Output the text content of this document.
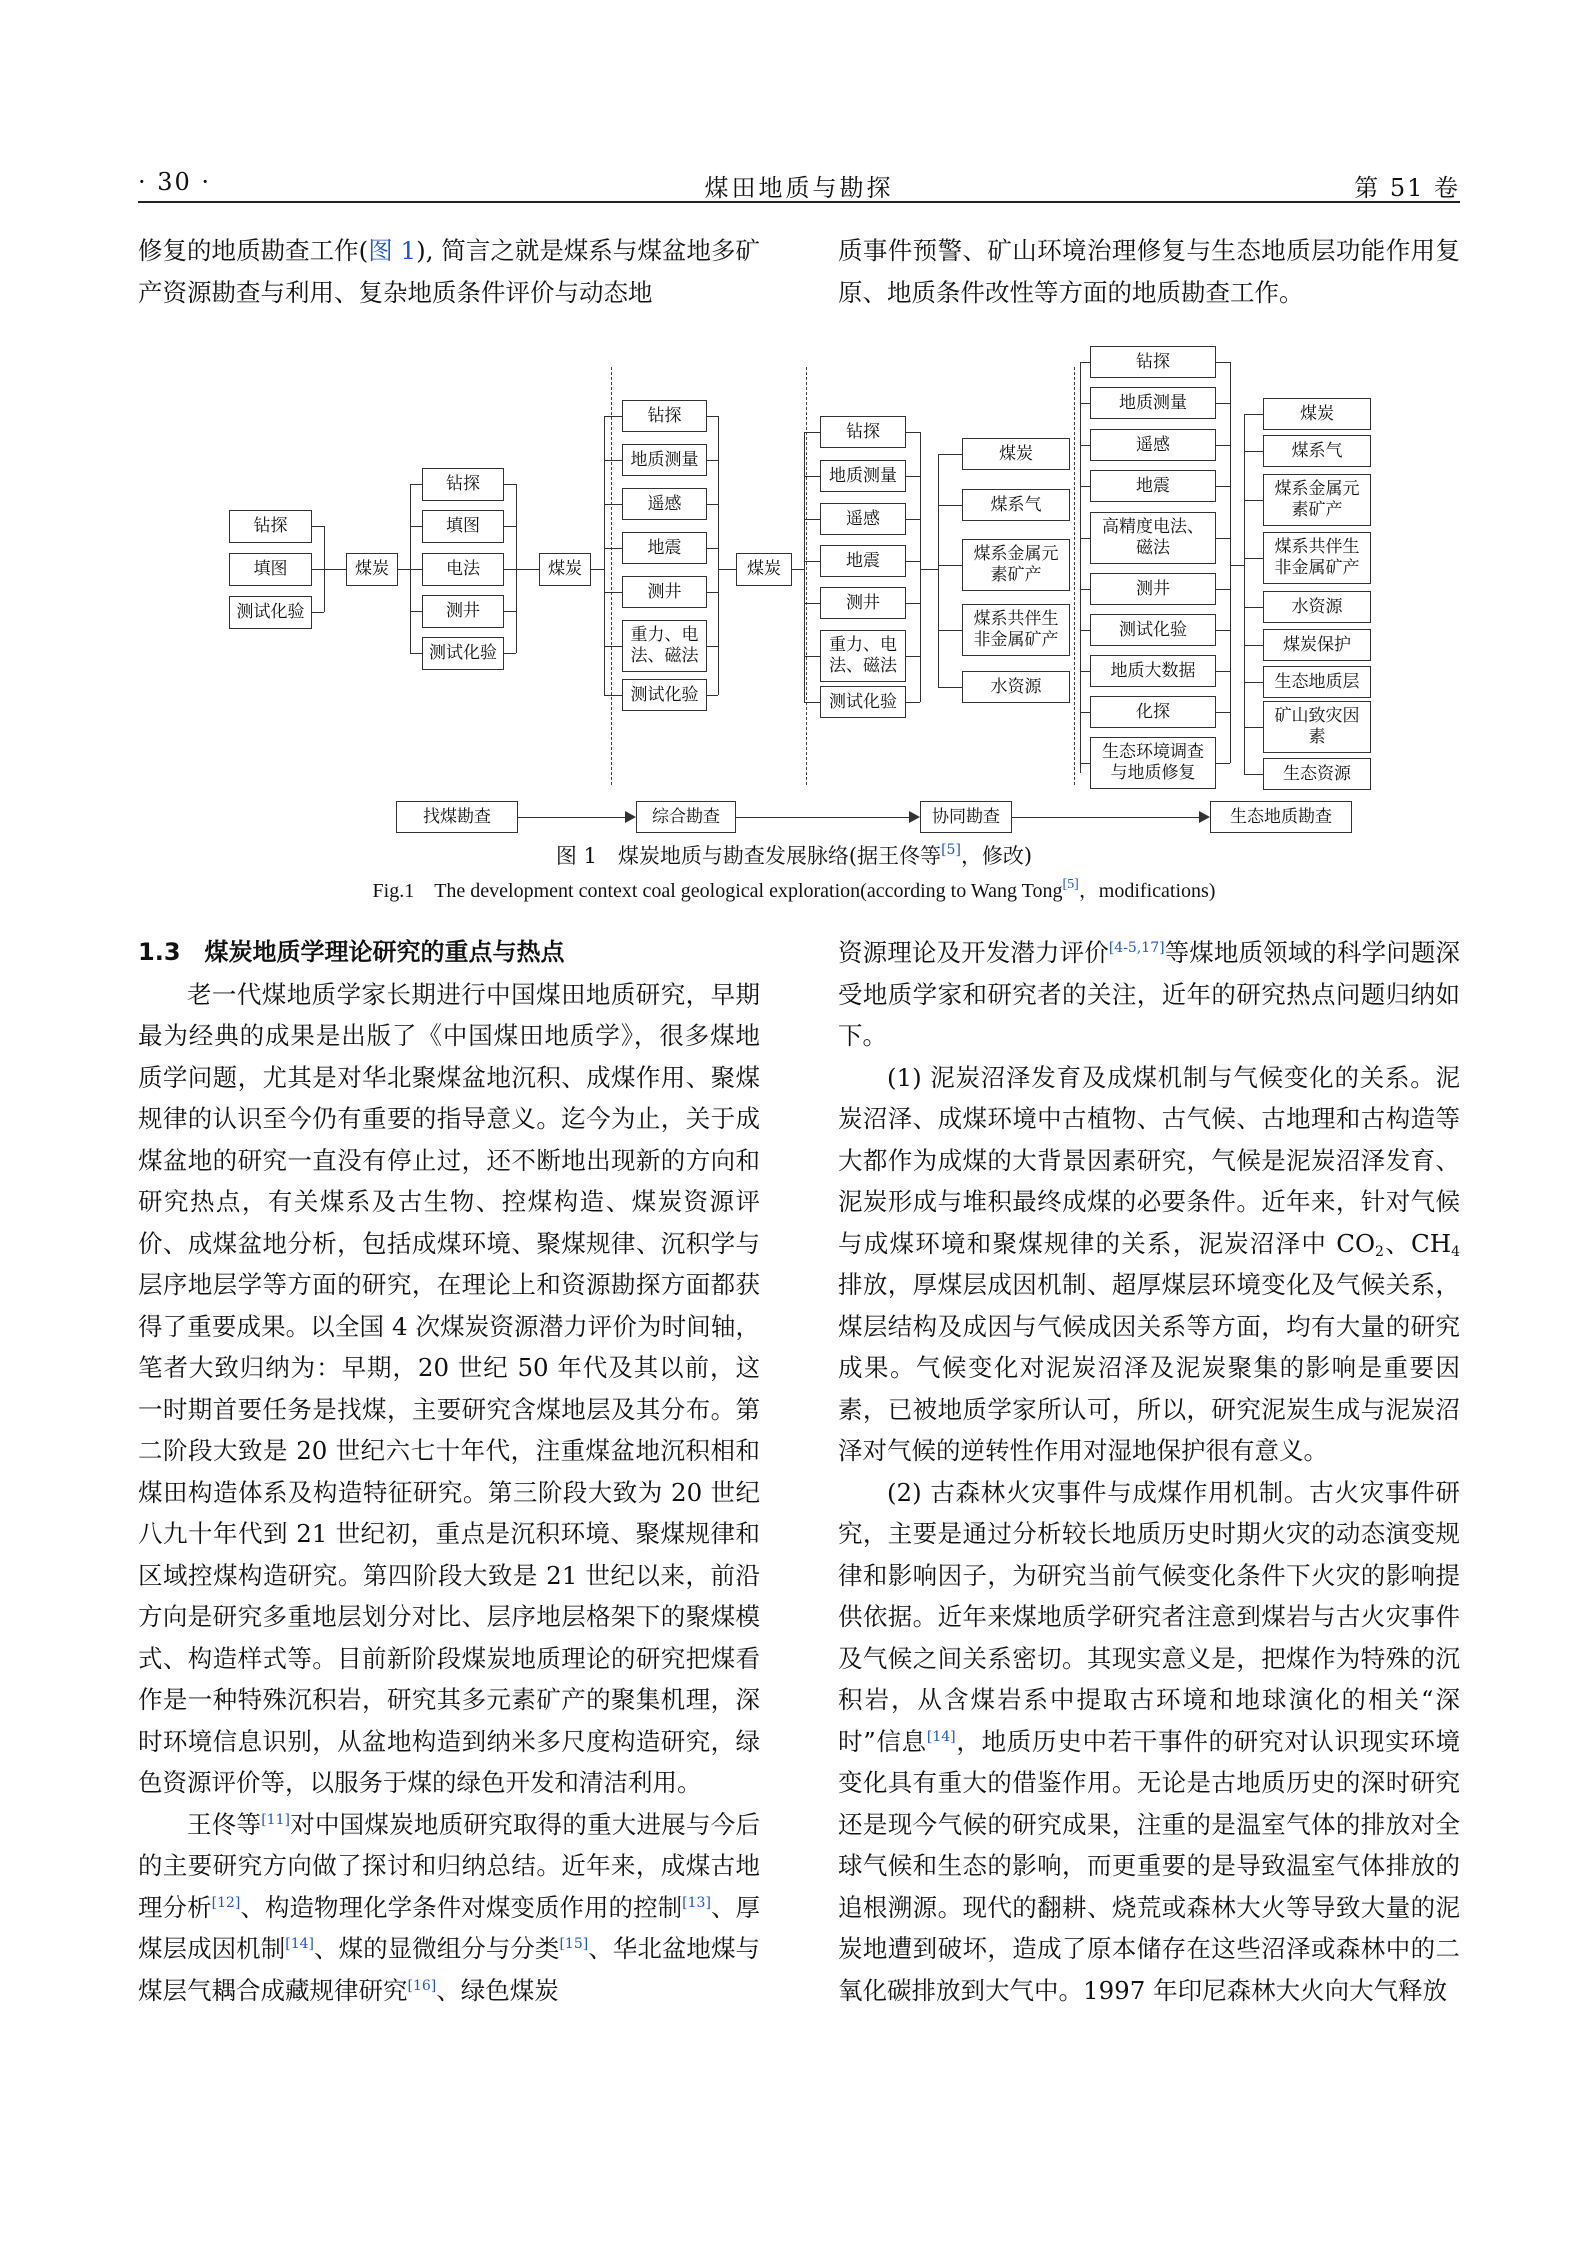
· 30 ·	煤田地质与勘探	第 51 卷

修复的地质勘查工作(图 1), 简言之就是煤系与煤盆地多矿产资源勘查与利用、复杂地质条件评价与动态地

质事件预警、矿山环境治理修复与生态地质层功能作用复原、地质条件改性等方面的地质勘查工作。

钻探
填图
测试化验
煤炭
钻探
填图
电法
测井
测试化验
煤炭
钻探
地质测量
遥感
地震
测井
重力、电法、磁法
测试化验
煤炭
钻探
地质测量
遥感
地震
测井
重力、电法、磁法
测试化验
煤炭
煤系气
煤系金属元素矿产
煤系共伴生非金属矿产
水资源
钻探
地质测量
遥感
地震
高精度电法、磁法
测井
测试化验
地质大数据
化探
生态环境调查与地质修复
煤炭
煤系气
煤系金属元素矿产
煤系共伴生非金属矿产
水资源
煤炭保护
生态地质层
矿山致灾因素
生态资源
找煤勘查	综合勘查	协同勘查	生态地质勘查
图 1　煤炭地质与勘查发展脉络(据王佟等[5]，修改)
Fig.1　The development context coal geological exploration(according to Wang Tong[5]，modifications)

1.3　煤炭地质学理论研究的重点与热点

老一代煤地质学家长期进行中国煤田地质研究，早期最为经典的成果是出版了《中国煤田地质学》，很多煤地质学问题，尤其是对华北聚煤盆地沉积、成煤作用、聚煤规律的认识至今仍有重要的指导意义。迄今为止，关于成煤盆地的研究一直没有停止过，还不断地出现新的方向和研究热点，有关煤系及古生物、控煤构造、煤炭资源评价、成煤盆地分析，包括成煤环境、聚煤规律、沉积学与层序地层学等方面的研究，在理论上和资源勘探方面都获得了重要成果。以全国 4 次煤炭资源潜力评价为时间轴，笔者大致归纳为：早期，20 世纪 50 年代及其以前，这一时期首要任务是找煤，主要研究含煤地层及其分布。第二阶段大致是 20 世纪六七十年代，注重煤盆地沉积相和煤田构造体系及构造特征研究。第三阶段大致为 20 世纪八九十年代到 21 世纪初，重点是沉积环境、聚煤规律和区域控煤构造研究。第四阶段大致是 21 世纪以来，前沿方向是研究多重地层划分对比、层序地层格架下的聚煤模式、构造样式等。目前新阶段煤炭地质理论的研究把煤看作是一种特殊沉积岩，研究其多元素矿产的聚集机理，深时环境信息识别，从盆地构造到纳米多尺度构造研究，绿色资源评价等，以服务于煤的绿色开发和清洁利用。

王佟等[11]对中国煤炭地质研究取得的重大进展与今后的主要研究方向做了探讨和归纳总结。近年来，成煤古地理分析[12]、构造物理化学条件对煤变质作用的控制[13]、厚煤层成因机制[14]、煤的显微组分与分类[15]、华北盆地煤与煤层气耦合成藏规律研究[16]、绿色煤炭

资源理论及开发潜力评价[4-5,17]等煤地质领域的科学问题深受地质学家和研究者的关注，近年的研究热点问题归纳如下。

(1) 泥炭沼泽发育及成煤机制与气候变化的关系。泥炭沼泽、成煤环境中古植物、古气候、古地理和古构造等大都作为成煤的大背景因素研究，气候是泥炭沼泽发育、泥炭形成与堆积最终成煤的必要条件。近年来，针对气候与成煤环境和聚煤规律的关系，泥炭沼泽中 $CO_2$、$CH_4$ 排放，厚煤层成因机制、超厚煤层环境变化及气候关系，煤层结构及成因与气候成因关系等方面，均有大量的研究成果。气候变化对泥炭沼泽及泥炭聚集的影响是重要因素，已被地质学家所认可，所以，研究泥炭生成与泥炭沼泽对气候的逆转性作用对湿地保护很有意义。

(2) 古森林火灾事件与成煤作用机制。古火灾事件研究，主要是通过分析较长地质历史时期火灾的动态演变规律和影响因子，为研究当前气候变化条件下火灾的影响提供依据。近年来煤地质学研究者注意到煤岩与古火灾事件及气候之间关系密切。其现实意义是，把煤作为特殊的沉积岩，从含煤岩系中提取古环境和地球演化的相关“深时”信息[14]，地质历史中若干事件的研究对认识现实环境变化具有重大的借鉴作用。无论是古地质历史的深时研究还是现今气候的研究成果，注重的是温室气体的排放对全球气候和生态的影响，而更重要的是导致温室气体排放的追根溯源。现代的翻耕、烧荒或森林大火等导致大量的泥炭地遭到破坏，造成了原本储存在这些沼泽或森林中的二氧化碳排放到大气中。1997 年印尼森林大火向大气释放
